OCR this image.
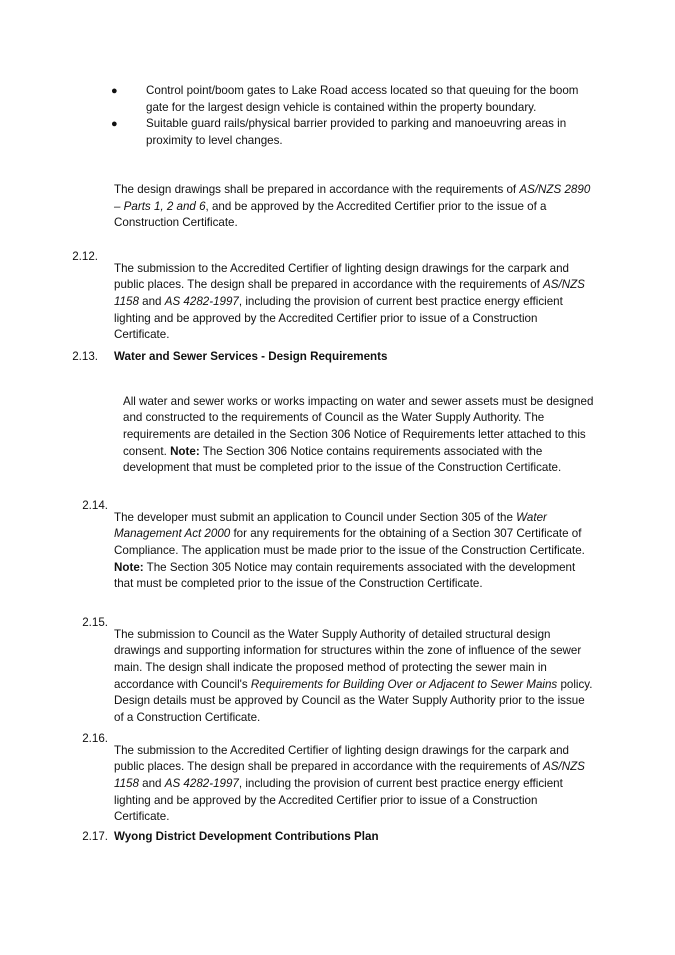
●	Control point/boom gates to Lake Road access located so that queuing for the boom gate for the largest design vehicle is contained within the property boundary.
●	Suitable guard rails/physical barrier provided to parking and manoeuvring areas in proximity to level changes.

The design drawings shall be prepared in accordance with the requirements of AS/NZS 2890 – Parts 1, 2 and 6, and be approved by the Accredited Certifier prior to the issue of a Construction Certificate.

2.12.

The submission to the Accredited Certifier of lighting design drawings for the carpark and public places. The design shall be prepared in accordance with the requirements of AS/NZS 1158 and AS 4282-1997, including the provision of current best practice energy efficient lighting and be approved by the Accredited Certifier prior to issue of a Construction Certificate.

2.13. Water and Sewer Services - Design Requirements

All water and sewer works or works impacting on water and sewer assets must be designed and constructed to the requirements of Council as the Water Supply Authority. The requirements are detailed in the Section 306 Notice of Requirements letter attached to this consent. Note: The Section 306 Notice contains requirements associated with the development that must be completed prior to the issue of the Construction Certificate.

2.14.

The developer must submit an application to Council under Section 305 of the Water Management Act 2000 for any requirements for the obtaining of a Section 307 Certificate of Compliance. The application must be made prior to the issue of the Construction Certificate. Note: The Section 305 Notice may contain requirements associated with the development that must be completed prior to the issue of the Construction Certificate.

2.15.

The submission to Council as the Water Supply Authority of detailed structural design drawings and supporting information for structures within the zone of influence of the sewer main. The design shall indicate the proposed method of protecting the sewer main in accordance with Council's Requirements for Building Over or Adjacent to Sewer Mains policy. Design details must be approved by Council as the Water Supply Authority prior to the issue of a Construction Certificate.

2.16.

The submission to the Accredited Certifier of lighting design drawings for the carpark and public places. The design shall be prepared in accordance with the requirements of AS/NZS 1158 and AS 4282-1997, including the provision of current best practice energy efficient lighting and be approved by the Accredited Certifier prior to issue of a Construction Certificate.

2.17. Wyong District Development Contributions Plan
